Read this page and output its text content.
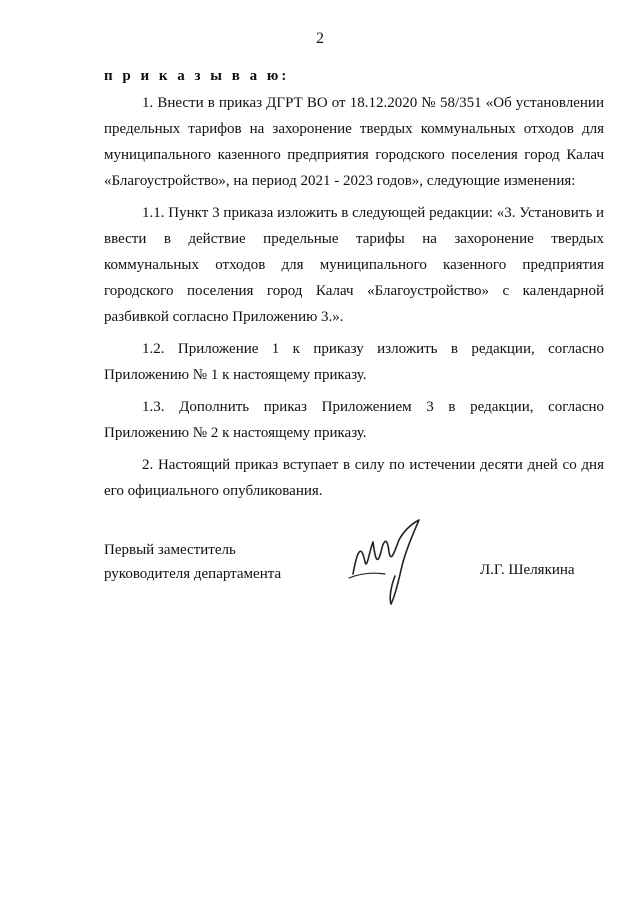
2
п р и к а з ы в а ю:

1. Внести в приказ ДГРТ ВО от 18.12.2020 № 58/351 «Об установлении предельных тарифов на захоронение твердых коммунальных отходов для муниципального казенного предприятия городского поселения город Калач «Благоустройство», на период 2021 - 2023 годов», следующие изменения:

1.1. Пункт 3 приказа изложить в следующей редакции: «3. Установить и ввести в действие предельные тарифы на захоронение твердых коммунальных отходов для муниципального казенного предприятия городского поселения город Калач «Благоустройство» с календарной разбивкой согласно Приложению 3.».

1.2. Приложение 1 к приказу изложить в редакции, согласно Приложению № 1 к настоящему приказу.

1.3. Дополнить приказ Приложением 3 в редакции, согласно Приложению № 2 к настоящему приказу.

2. Настоящий приказ вступает в силу по истечении десяти дней со дня его официального опубликования.

Первый заместитель
руководителя департамента	Л.Г. Шелякина
